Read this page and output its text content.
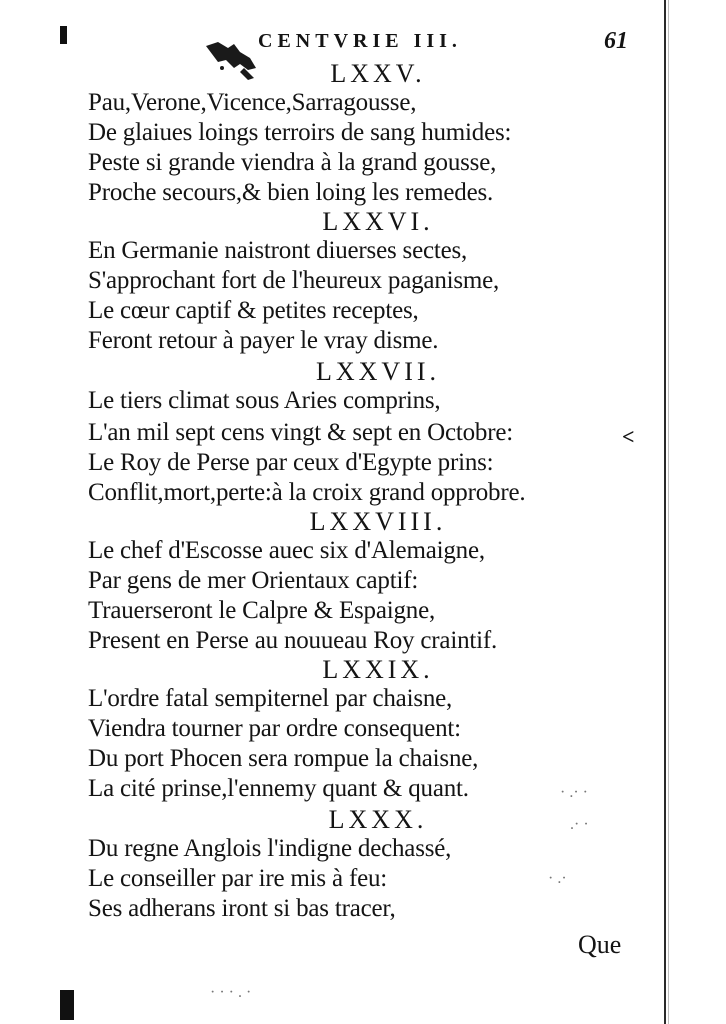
CENTVRIE III.	61
LXXV.
Pau,Verone,Vicence,Sarragousse,
De glaiues loings terroirs de sang humides:
Peste si grande viendra à la grand gousse,
Proche secours,& bien loing les remedes.
LXXVI.
En Germanie naistront diuerses sectes,
S'approchant fort de l'heureux paganisme,
Le cœur captif & petites receptes,
Feront retour à payer le vray disme.
LXXVII.
Le tiers climat sous Aries comprins,
L'an mil sept cens vingt & sept en Octobre:
Le Roy de Perse par ceux d'Egypte prins:
Conflit,mort,perte:à la croix grand opprobre.
LXXVIII.
Le chef d'Escosse auec six d'Alemaigne,
Par gens de mer Orientaux captif:
Trauerseront le Calpre & Espaigne,
Present en Perse au nouueau Roy craintif.
LXXIX.
L'ordre fatal sempiternel par chaisne,
Viendra tourner par ordre consequent:
Du port Phocen sera rompue la chaisne,
La cité prinse,l'ennemy quant & quant.
LXXX.
Du regne Anglois l'indigne dechassé,
Le conseiller par ire mis à feu:
Ses adherans iront si bas tracer,
Que
<
· .· ·
.· ·
· .·
· · · . ·
